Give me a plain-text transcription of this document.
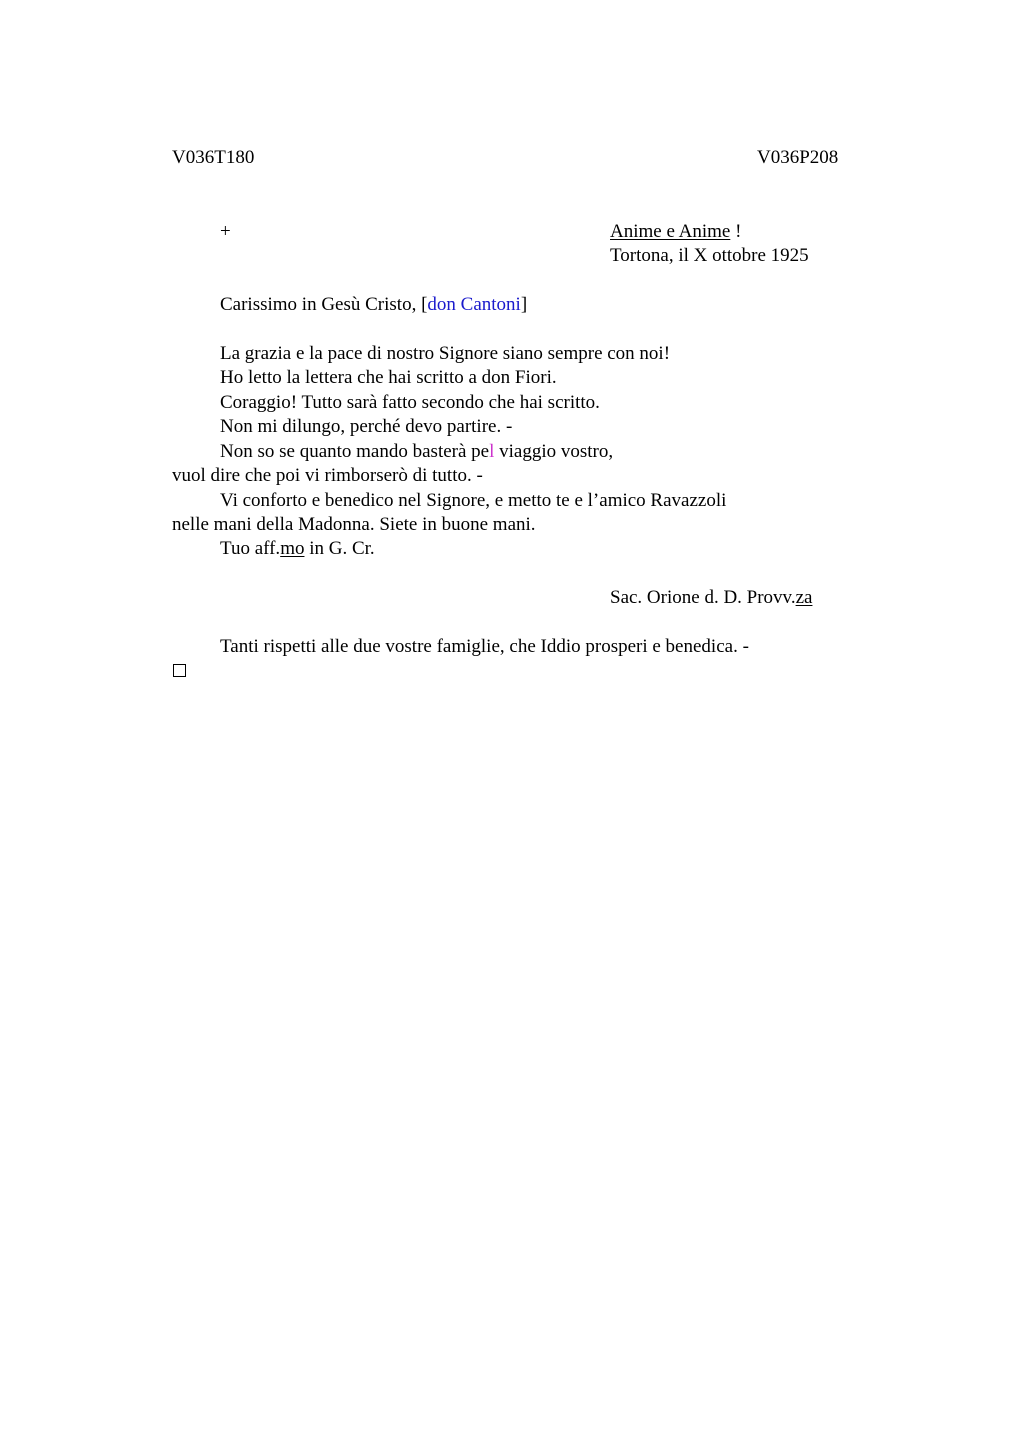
V036T180	V036P208
+	Anime e Anime !
Tortona, il X ottobre 1925
Carissimo in Gesù Cristo, [don Cantoni]
La grazia e la pace di nostro Signore siano sempre con noi!
Ho letto la lettera che hai scritto a don Fiori.
Coraggio! Tutto sarà fatto secondo che hai scritto.
Non mi dilungo, perché devo partire. -
Non so se quanto mando basterà pel viaggio vostro,
vuol dire che poi vi rimborserò di tutto. -
Vi conforto e benedico nel Signore, e metto te e l’amico Ravazzoli
nelle mani della Madonna. Siete in buone mani.
Tuo aff.mo in G. Cr.
Sac. Orione d. D. Provv.za
Tanti rispetti alle due vostre famiglie, che Iddio prosperi e benedica. -
